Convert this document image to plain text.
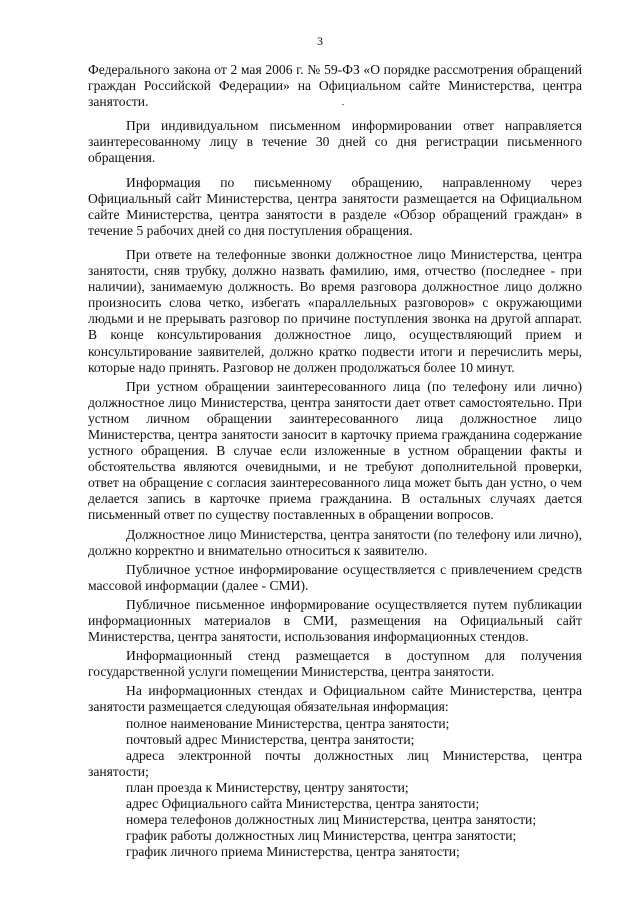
3

Федерального закона от 2 мая 2006 г. № 59-ФЗ «О порядке рассмотрения обращений граждан Российской Федерации» на Официальном сайте Министерства, центра занятости.

При индивидуальном письменном информировании ответ направляется заинтересованному лицу в течение 30 дней со дня регистрации письменного обращения.

Информация по письменному обращению, направленному через Официальный сайт Министерства, центра занятости размещается на Официальном сайте Министерства, центра занятости в разделе «Обзор обращений граждан» в течение 5 рабочих дней со дня поступления обращения.

При ответе на телефонные звонки должностное лицо Министерства, центра занятости, сняв трубку, должно назвать фамилию, имя, отчество (последнее - при наличии), занимаемую должность. Во время разговора должностное лицо должно произносить слова четко, избегать «параллельных разговоров» с окружающими людьми и не прерывать разговор по причине поступления звонка на другой аппарат. В конце консультирования должностное лицо, осуществляющий прием и консультирование заявителей, должно кратко подвести итоги и перечислить меры, которые надо принять. Разговор не должен продолжаться более 10 минут.

При устном обращении заинтересованного лица (по телефону или лично) должностное лицо Министерства, центра занятости дает ответ самостоятельно. При устном личном обращении заинтересованного лица должностное лицо Министерства, центра занятости заносит в карточку приема гражданина содержание устного обращения. В случае если изложенные в устном обращении факты и обстоятельства являются очевидными, и не требуют дополнительной проверки, ответ на обращение с согласия заинтересованного лица может быть дан устно, о чем делается запись в карточке приема гражданина. В остальных случаях дается письменный ответ по существу поставленных в обращении вопросов.

Должностное лицо Министерства, центра занятости (по телефону или лично), должно корректно и внимательно относиться к заявителю.

Публичное устное информирование осуществляется с привлечением средств массовой информации (далее - СМИ).

Публичное письменное информирование осуществляется путем публикации информационных материалов в СМИ, размещения на Официальный сайт Министерства, центра занятости, использования информационных стендов.

Информационный стенд размещается в доступном для получения государственной услуги помещении Министерства, центра занятости.

На информационных стендах и Официальном сайте Министерства, центра занятости размещается следующая обязательная информация:

полное наименование Министерства, центра занятости;
почтовый адрес Министерства, центра занятости;
адреса электронной почты должностных лиц Министерства, центра занятости;
план проезда к Министерству, центру занятости;
адрес Официального сайта Министерства, центра занятости;
номера телефонов должностных лиц Министерства, центра занятости;
график работы должностных лиц Министерства, центра занятости;
график личного приема Министерства, центра занятости;
